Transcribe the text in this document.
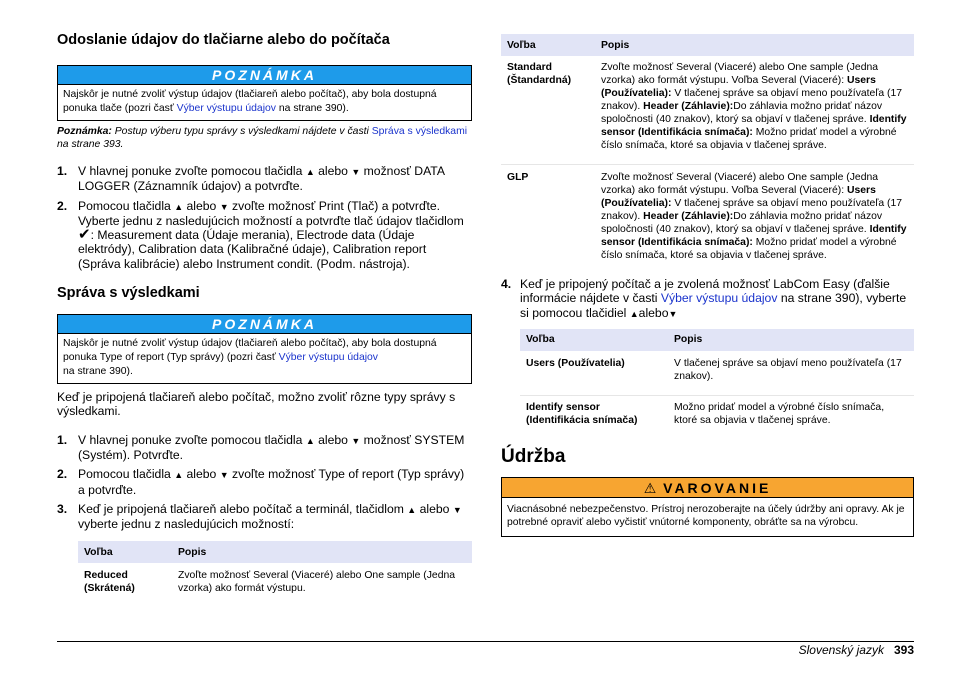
Odoslanie údajov do tlačiarne alebo do počítača
POZNÁMKA
Najskôr je nutné zvoliť výstup údajov (tlačiareň alebo počítač), aby bola dostupná ponuka tlače (pozri časť Výber výstupu údajov na strane 390).
Poznámka: Postup výberu typu správy s výsledkami nájdete v časti Správa s výsledkami na strane 393.
1. V hlavnej ponuke zvoľte pomocou tlačidla ▲ alebo ▼ možnosť DATA LOGGER (Záznamník údajov) a potvrďte.
2. Pomocou tlačidla ▲ alebo ▼ zvoľte možnosť Print (Tlač) a potvrďte. Vyberte jednu z nasledujúcich možností a potvrďte tlač údajov tlačidlom ✔: Measurement data (Údaje merania), Electrode data (Údaje elektródy), Calibration data (Kalibračné údaje), Calibration report (Správa kalibrácie) alebo Instrument condit. (Podm. nástroja).
Správa s výsledkami
POZNÁMKA
Najskôr je nutné zvoliť výstup údajov (tlačiareň alebo počítač), aby bola dostupná ponuka Type of report (Typ správy) (pozri časť Výber výstupu údajov
na strane 390).
Keď je pripojená tlačiareň alebo počítač, možno zvoliť rôzne typy správy s výsledkami.
1. V hlavnej ponuke zvoľte pomocou tlačidla ▲ alebo ▼ možnosť SYSTEM (Systém). Potvrďte.
2. Pomocou tlačidla ▲ alebo ▼ zvoľte možnosť Type of report (Typ správy) a potvrďte.
3. Keď je pripojená tlačiareň alebo počítač a terminál, tlačidlom ▲ alebo ▼ vyberte jednu z nasledujúcich možností:
Voľba	Popis
Reduced (Skrátená)	Zvoľte možnosť Several (Viaceré) alebo One sample (Jedna vzorka) ako formát výstupu.
Voľba	Popis
Standard (Štandardná)	Zvoľte možnosť Several (Viaceré) alebo One sample (Jedna vzorka) ako formát výstupu. Voľba Several (Viaceré): Users (Používatelia): V tlačenej správe sa objaví meno používateľa (17 znakov). Header (Záhlavie):Do záhlavia možno pridať názov spoločnosti (40 znakov), ktorý sa objaví v tlačenej správe. Identify sensor (Identifikácia snímača): Možno pridať model a výrobné číslo snímača, ktoré sa objavia v tlačenej správe.
GLP	Zvoľte možnosť Several (Viaceré) alebo One sample (Jedna vzorka) ako formát výstupu. Voľba Several (Viaceré): Users (Používatelia): V tlačenej správe sa objaví meno používateľa (17 znakov). Header (Záhlavie):Do záhlavia možno pridať názov spoločnosti (40 znakov), ktorý sa objaví v tlačenej správe. Identify sensor (Identifikácia snímača): Možno pridať model a výrobné číslo snímača, ktoré sa objavia v tlačenej správe.
4. Keď je pripojený počítač a je zvolená možnosť LabCom Easy (ďalšie informácie nájdete v časti Výber výstupu údajov na strane 390), vyberte si pomocou tlačidiel ▲alebo▼
Voľba	Popis
Users (Používatelia)	V tlačenej správe sa objaví meno používateľa (17 znakov).
Identify sensor (Identifikácia snímača)	Možno pridať model a výrobné číslo snímača, ktoré sa objavia v tlačenej správe.
Údržba
⚠ VAROVANIE
Viacnásobné nebezpečenstvo. Prístroj nerozoberajte na účely údržby ani opravy. Ak je potrebné opraviť alebo vyčistiť vnútorné komponenty, obráťte sa na výrobcu.
Slovenský jazyk 393
